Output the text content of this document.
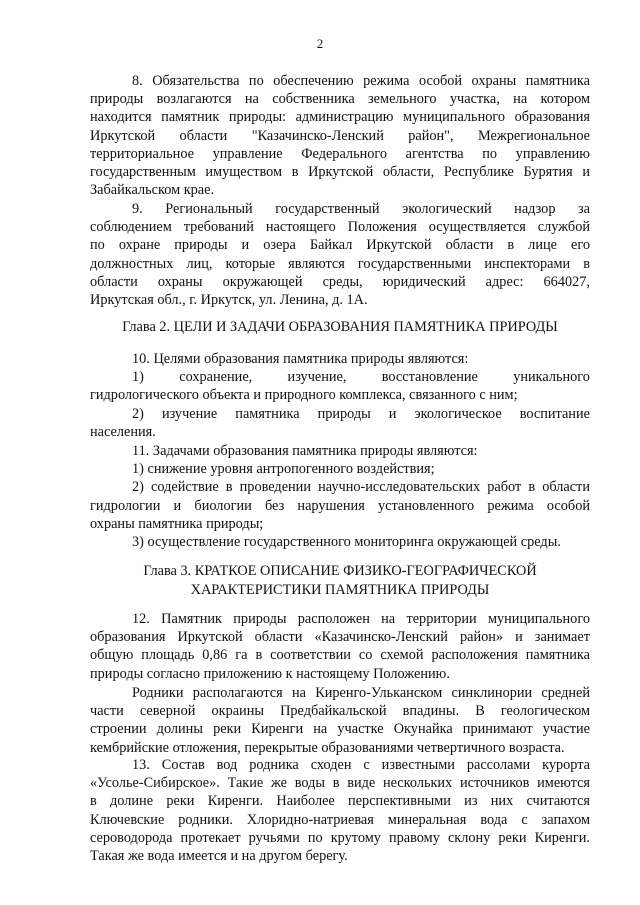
2
8. Обязательства по обеспечению режима особой охраны памятника
природы возлагаются на собственника земельного участка, на котором
находится памятник природы: администрацию муниципального образования
Иркутской области "Казачинско-Ленский район", Межрегиональное
территориальное управление Федерального агентства по управлению
государственным имуществом в Иркутской области, Республике Бурятия и
Забайкальском крае.
9. Региональный государственный экологический надзор за
соблюдением требований настоящего Положения осуществляется службой
по охране природы и озера Байкал Иркутской области в лице его
должностных лиц, которые являются государственными инспекторами в
области охраны окружающей среды, юридический адрес: 664027,
Иркутская обл., г. Иркутск, ул. Ленина, д. 1А.
Глава 2. ЦЕЛИ И ЗАДАЧИ ОБРАЗОВАНИЯ ПАМЯТНИКА ПРИРОДЫ
10. Целями образования памятника природы являются:
1) сохранение, изучение, восстановление уникального
гидрологического объекта и природного комплекса, связанного с ним;
2) изучение памятника природы и экологическое воспитание
населения.
11. Задачами образования памятника природы являются:
1) снижение уровня антропогенного воздействия;
2) содействие в проведении научно-исследовательских работ в области
гидрологии и биологии без нарушения установленного режима особой
охраны памятника природы;
3) осуществление государственного мониторинга окружающей среды.
Глава 3. КРАТКОЕ ОПИСАНИЕ ФИЗИКО-ГЕОГРАФИЧЕСКОЙ
ХАРАКТЕРИСТИКИ ПАМЯТНИКА ПРИРОДЫ
12. Памятник природы расположен на территории муниципального
образования Иркутской области «Казачинско-Ленский район» и занимает
общую площадь 0,86 га в соответствии со схемой расположения памятника
природы согласно приложению к настоящему Положению.
Родники располагаются на Киренго-Ульканском синклинории средней
части северной окраины Предбайкальской впадины. В геологическом
строении долины реки Киренги на участке Окунайка принимают участие
кембрийские отложения, перекрытые образованиями четвертичного возраста.
13. Состав вод родника сходен с известными рассолами курорта
«Усолье-Сибирское». Такие же воды в виде нескольких источников имеются
в долине реки Киренги. Наиболее перспективными из них считаются
Ключевские родники. Хлоридно-натриевая минеральная вода с запахом
сероводорода протекает ручьями по крутому правому склону реки Киренги.
Такая же вода имеется и на другом берегу.
